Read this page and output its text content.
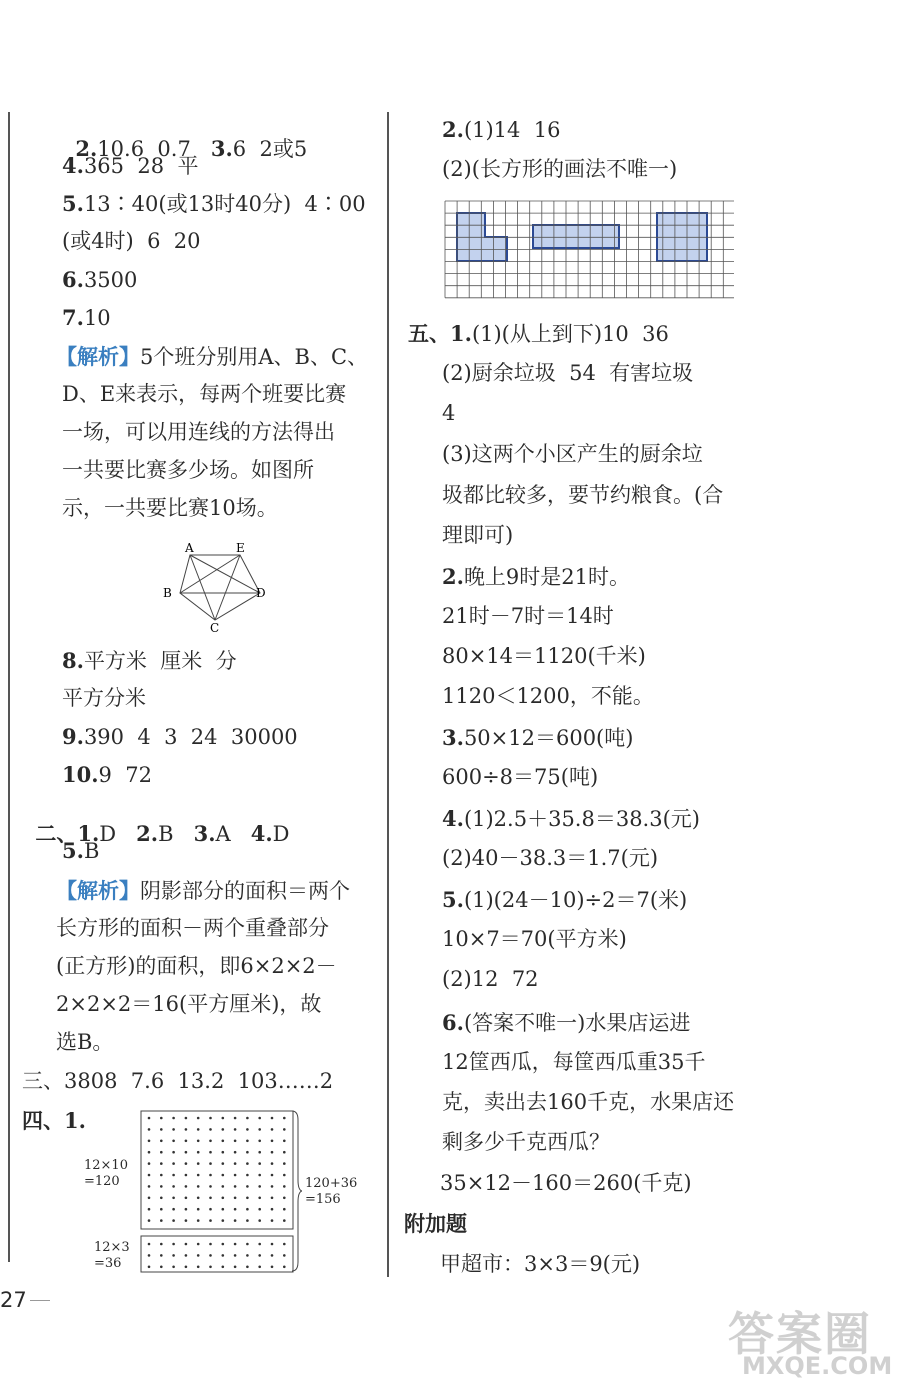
2.10.6  0.7 3.6  2或5

4.365  28  平
5.13∶40(或13时40分)  4∶00
(或4时)  6  20
6.3500
7.10
【解析】5个班分别用A、B、C、
D、E来表示，每两个班要比赛
一场，可以用连线的方法得出
一共要比赛多少场。如图所
示，一共要比赛10场。
A	E
B	D
C
8.平方米  厘米  分
平方分米
9.390  4  3  24  30000
10.9  72

二、1.D 2.B 3.A 4.D

5.B
【解析】阴影部分的面积＝两个
长方形的面积－两个重叠部分
(正方形)的面积，即6×2×2－
2×2×2＝16(平方厘米)，故
选B。
三、3808  7.6  13.2  103……2
四、1.
12×10
=120
12×3
=36
120+36
=156
27
2.(1)14  16
(2)(长方形的画法不唯一)
五、1.(1)(从上到下)10  36
(2)厨余垃圾  54  有害垃圾
4
(3)这两个小区产生的厨余垃
圾都比较多，要节约粮食。(合
理即可)
2.晚上9时是21时。
21时－7时＝14时
80×14＝1120(千米)
1120＜1200，不能。
3.50×12＝600(吨)
600÷8＝75(吨)
4.(1)2.5＋35.8＝38.3(元)
(2)40－38.3＝1.7(元)
5.(1)(24－10)÷2＝7(米)
10×7＝70(平方米)
(2)12  72
6.(答案不唯一)水果店运进
12筐西瓜，每筐西瓜重35千
克，卖出去160千克，水果店还
剩多少千克西瓜？
35×12－160＝260(千克)
附加题
甲超市：3×3＝9(元)
答案圈
MXQE.COM
